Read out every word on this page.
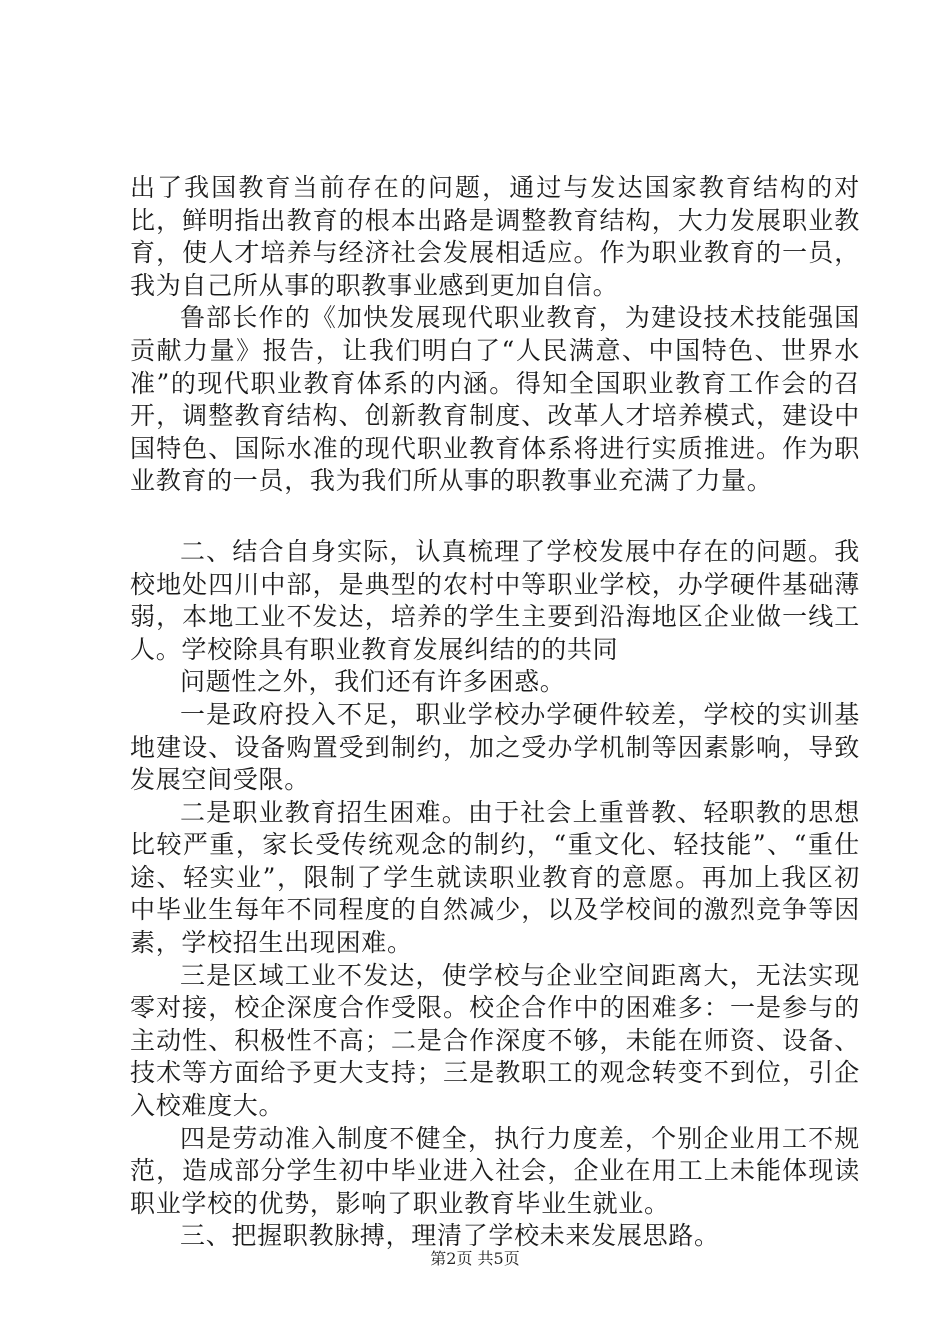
出了我国教育当前存在的问题，通过与发达国家教育结构的对比，鲜明指出教育的根本出路是调整教育结构，大力发展职业教育，使人才培养与经济社会发展相适应。作为职业教育的一员，我为自己所从事的职教事业感到更加自信。

鲁部长作的《加快发展现代职业教育，为建设技术技能强国贡献力量》报告，让我们明白了“人民满意、中国特色、世界水准”的现代职业教育体系的内涵。得知全国职业教育工作会的召开，调整教育结构、创新教育制度、改革人才培养模式，建设中国特色、国际水准的现代职业教育体系将进行实质推进。作为职业教育的一员，我为我们所从事的职教事业充满了力量。

二、结合自身实际，认真梳理了学校发展中存在的问题。我校地处四川中部，是典型的农村中等职业学校，办学硬件基础薄弱，本地工业不发达，培养的学生主要到沿海地区企业做一线工人。学校除具有职业教育发展纠结的的共同

问题性之外，我们还有许多困惑。

一是政府投入不足，职业学校办学硬件较差，学校的实训基地建设、设备购置受到制约，加之受办学机制等因素影响，导致发展空间受限。

二是职业教育招生困难。由于社会上重普教、轻职教的思想比较严重，家长受传统观念的制约，“重文化、轻技能”、“重仕途、轻实业”，限制了学生就读职业教育的意愿。再加上我区初中毕业生每年不同程度的自然减少，以及学校间的激烈竞争等因素，学校招生出现困难。

三是区域工业不发达，使学校与企业空间距离大，无法实现零对接，校企深度合作受限。校企合作中的困难多：一是参与的主动性、积极性不高；二是合作深度不够，未能在师资、设备、技术等方面给予更大支持；三是教职工的观念转变不到位，引企入校难度大。

四是劳动准入制度不健全，执行力度差，个别企业用工不规范，造成部分学生初中毕业进入社会，企业在用工上未能体现读职业学校的优势，影响了职业教育毕业生就业。

三、把握职教脉搏，理清了学校未来发展思路。

第2页 共5页
